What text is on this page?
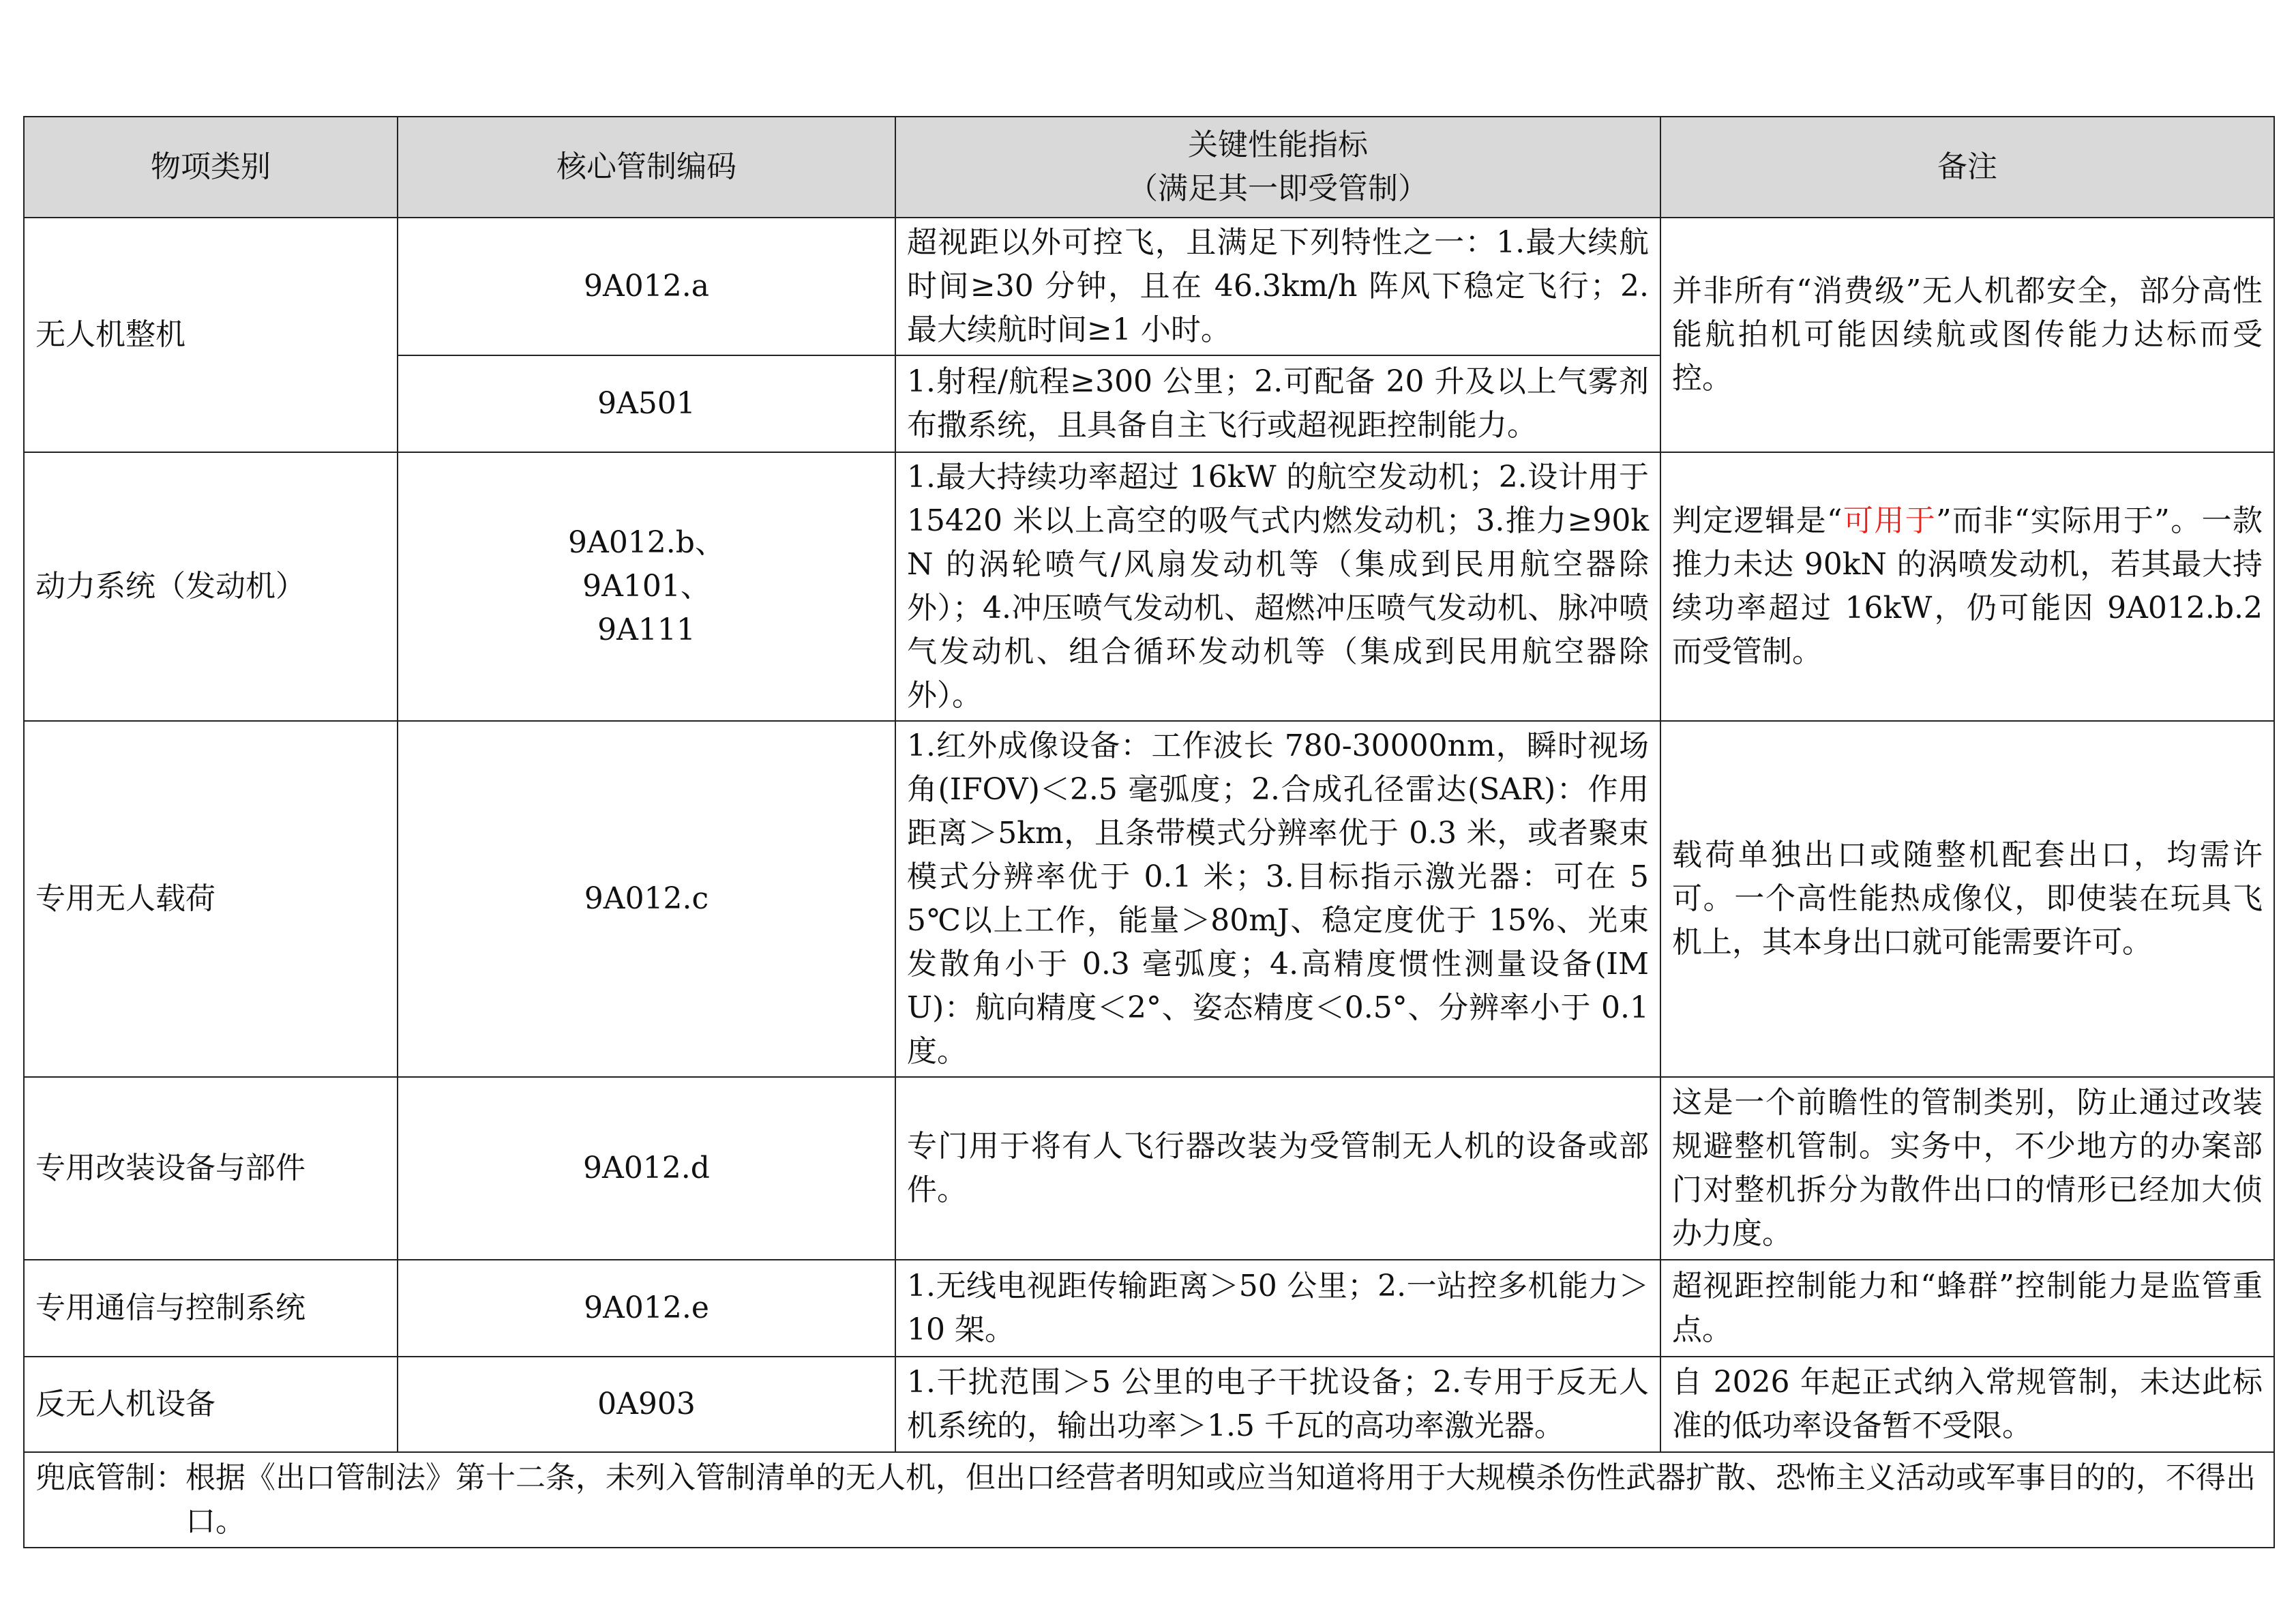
物项类别	核心管制编码	关键性能指标
（满足其一即受管制）	备注
无人机整机	9A012.a	超视距以外可控飞，且满足下列特性之一：1.最大续航时间≥30 分钟，且在 46.3km/h 阵风下稳定飞行；2.最大续航时间≥1 小时。	并非所有“消费级”无人机都安全，部分高性能航拍机可能因续航或图传能力达标而受控。
	9A501	1.射程/航程≥300 公里；2.可配备 20 升及以上气雾剂布撒系统，且具备自主飞行或超视距控制能力。	
动力系统（发动机）	9A012.b、
9A101、
9A111	1.最大持续功率超过 16kW 的航空发动机；2.设计用于 15420 米以上高空的吸气式内燃发动机；3.推力≥90kN 的涡轮喷气/风扇发动机等（集成到民用航空器除外）；4.冲压喷气发动机、超燃冲压喷气发动机、脉冲喷气发动机、组合循环发动机等（集成到民用航空器除外）。	判定逻辑是“可用于”而非“实际用于”。一款推力未达 90kN 的涡喷发动机，若其最大持续功率超过 16kW，仍可能因 9A012.b.2 而受管制。
专用无人载荷	9A012.c	1.红外成像设备：工作波长 780-30000nm，瞬时视场角(IFOV)＜2.5 毫弧度；2.合成孔径雷达(SAR)：作用距离＞5km，且条带模式分辨率优于 0.3 米，或者聚束模式分辨率优于 0.1 米；3.目标指示激光器：可在 55℃以上工作，能量＞80mJ、稳定度优于 15%、光束发散角小于 0.3 毫弧度；4.高精度惯性测量设备(IMU)：航向精度＜2°、姿态精度＜0.5°、分辨率小于 0.1 度。	载荷单独出口或随整机配套出口，均需许可。一个高性能热成像仪，即使装在玩具飞机上，其本身出口就可能需要许可。
专用改装设备与部件	9A012.d	专门用于将有人飞行器改装为受管制无人机的设备或部件。	这是一个前瞻性的管制类别，防止通过改装规避整机管制。实务中，不少地方的办案部门对整机拆分为散件出口的情形已经加大侦办力度。
专用通信与控制系统	9A012.e	1.无线电视距传输距离＞50 公里；2.一站控多机能力＞10 架。	超视距控制能力和“蜂群”控制能力是监管重点。
反无人机设备	0A903	1.干扰范围＞5 公里的电子干扰设备；2.专用于反无人机系统的，输出功率＞1.5 千瓦的高功率激光器。	自 2026 年起正式纳入常规管制，未达此标准的低功率设备暂不受限。

兜底管制： 根据《出口管制法》第十二条，未列入管制清单的无人机，但出口经营者明知或应当知道将用于大规模杀伤性武器扩散、恐怖主义活动或军事目的的，不得出口。			
